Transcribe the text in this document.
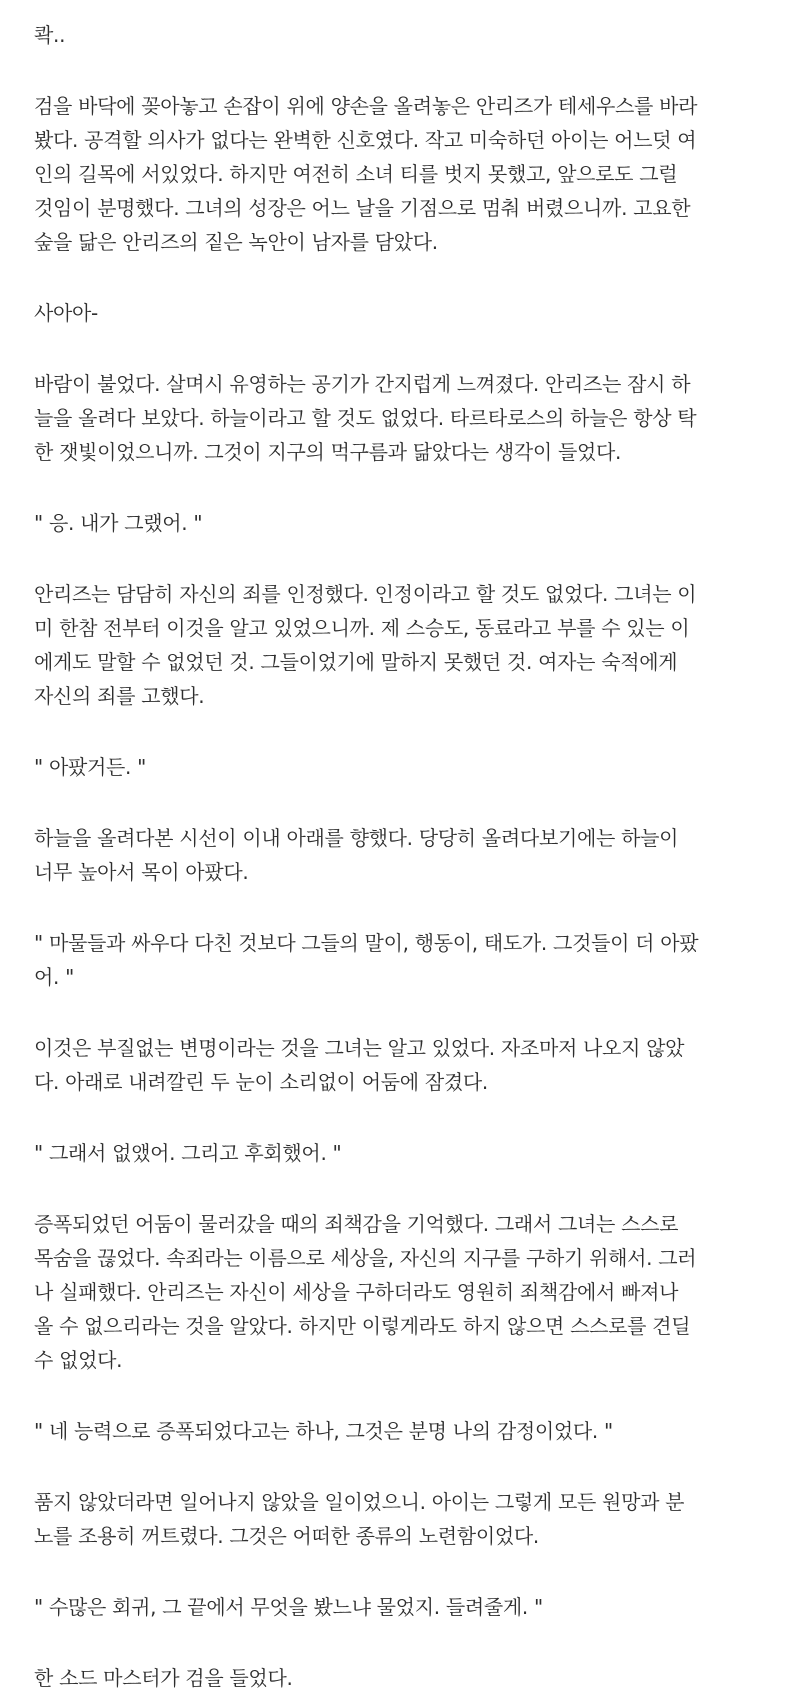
콱..
검을 바닥에 꽂아놓고 손잡이 위에 양손을 올려놓은 안리즈가 테세우스를 바라
봤다. 공격할 의사가 없다는 완벽한 신호였다. 작고 미숙하던 아이는 어느덧 여
인의 길목에 서있었다. 하지만 여전히 소녀 티를 벗지 못했고, 앞으로도 그럴
것임이 분명했다. 그녀의 성장은 어느 날을 기점으로 멈춰 버렸으니까. 고요한
숲을 닮은 안리즈의 짙은 녹안이 남자를 담았다.
사아아-
바람이 불었다. 살며시 유영하는 공기가 간지럽게 느껴졌다. 안리즈는 잠시 하
늘을 올려다 보았다. 하늘이라고 할 것도 없었다. 타르타로스의 하늘은 항상 탁
한 잿빛이었으니까. 그것이 지구의 먹구름과 닮았다는 생각이 들었다.
" 응. 내가 그랬어. "
안리즈는 담담히 자신의 죄를 인정했다. 인정이라고 할 것도 없었다. 그녀는 이
미 한참 전부터 이것을 알고 있었으니까. 제 스승도, 동료라고 부를 수 있는 이
에게도 말할 수 없었던 것. 그들이었기에 말하지 못했던 것. 여자는 숙적에게
자신의 죄를 고했다.
" 아팠거든. "
하늘을 올려다본 시선이 이내 아래를 향했다. 당당히 올려다보기에는 하늘이
너무 높아서 목이 아팠다.
" 마물들과 싸우다 다친 것보다 그들의 말이, 행동이, 태도가. 그것들이 더 아팠
어. "
이것은 부질없는 변명이라는 것을 그녀는 알고 있었다. 자조마저 나오지 않았
다. 아래로 내려깔린 두 눈이 소리없이 어둠에 잠겼다.
" 그래서 없앴어. 그리고 후회했어. "
증폭되었던 어둠이 물러갔을 때의 죄책감을 기억했다. 그래서 그녀는 스스로
목숨을 끊었다. 속죄라는 이름으로 세상을, 자신의 지구를 구하기 위해서. 그러
나 실패했다. 안리즈는 자신이 세상을 구하더라도 영원히 죄책감에서 빠져나
올 수 없으리라는 것을 알았다. 하지만 이렇게라도 하지 않으면 스스로를 견딜
수 없었다.
" 네 능력으로 증폭되었다고는 하나, 그것은 분명 나의 감정이었다. "
품지 않았더라면 일어나지 않았을 일이었으니. 아이는 그렇게 모든 원망과 분
노를 조용히 꺼트렸다. 그것은 어떠한 종류의 노련함이었다.
" 수많은 회귀, 그 끝에서 무엇을 봤느냐 물었지. 들려줄게. "
한 소드 마스터가 검을 들었다.
